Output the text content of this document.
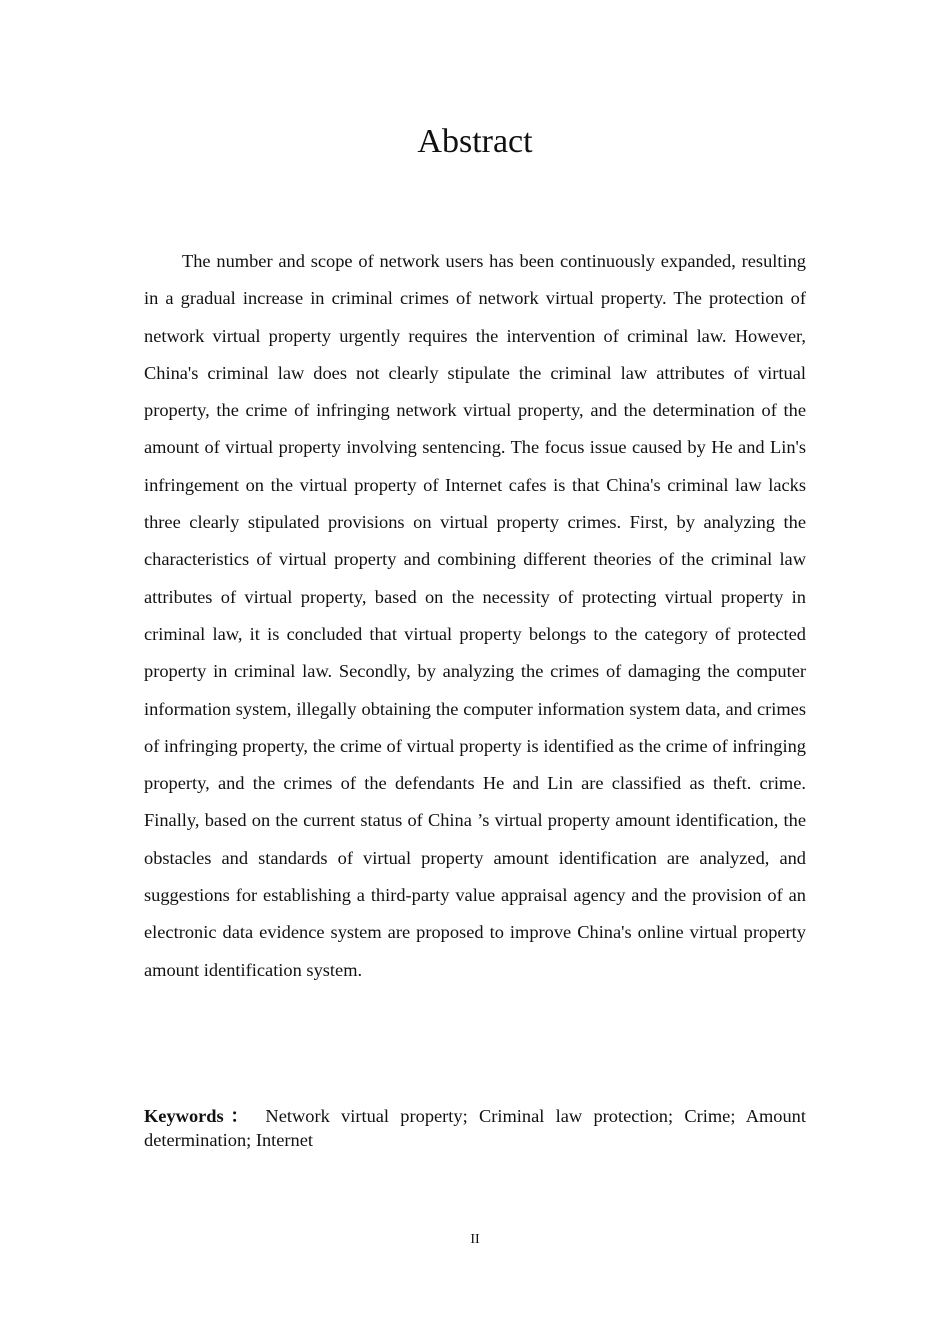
Abstract

The number and scope of network users has been continuously expanded, resulting in a gradual increase in criminal crimes of network virtual property. The protection of network virtual property urgently requires the intervention of criminal law. However, China's criminal law does not clearly stipulate the criminal law attributes of virtual property, the crime of infringing network virtual property, and the determination of the amount of virtual property involving sentencing. The focus issue caused by He and Lin's infringement on the virtual property of Internet cafes is that China's criminal law lacks three clearly stipulated provisions on virtual property crimes. First, by analyzing the characteristics of virtual property and combining different theories of the criminal law attributes of virtual property, based on the necessity of protecting virtual property in criminal law, it is concluded that virtual property belongs to the category of protected property in criminal law. Secondly, by analyzing the crimes of damaging the computer information system, illegally obtaining the computer information system data, and crimes of infringing property, the crime of virtual property is identified as the crime of infringing property, and the crimes of the defendants He and Lin are classified as theft. crime. Finally, based on the current status of China ’s virtual property amount identification, the obstacles and standards of virtual property amount identification are analyzed, and suggestions for establishing a third-party value appraisal agency and the provision of an electronic data evidence system are proposed to improve China's online virtual property amount identification system.

Keywords： Network virtual property; Criminal law protection; Crime; Amount determination; Internet

II
